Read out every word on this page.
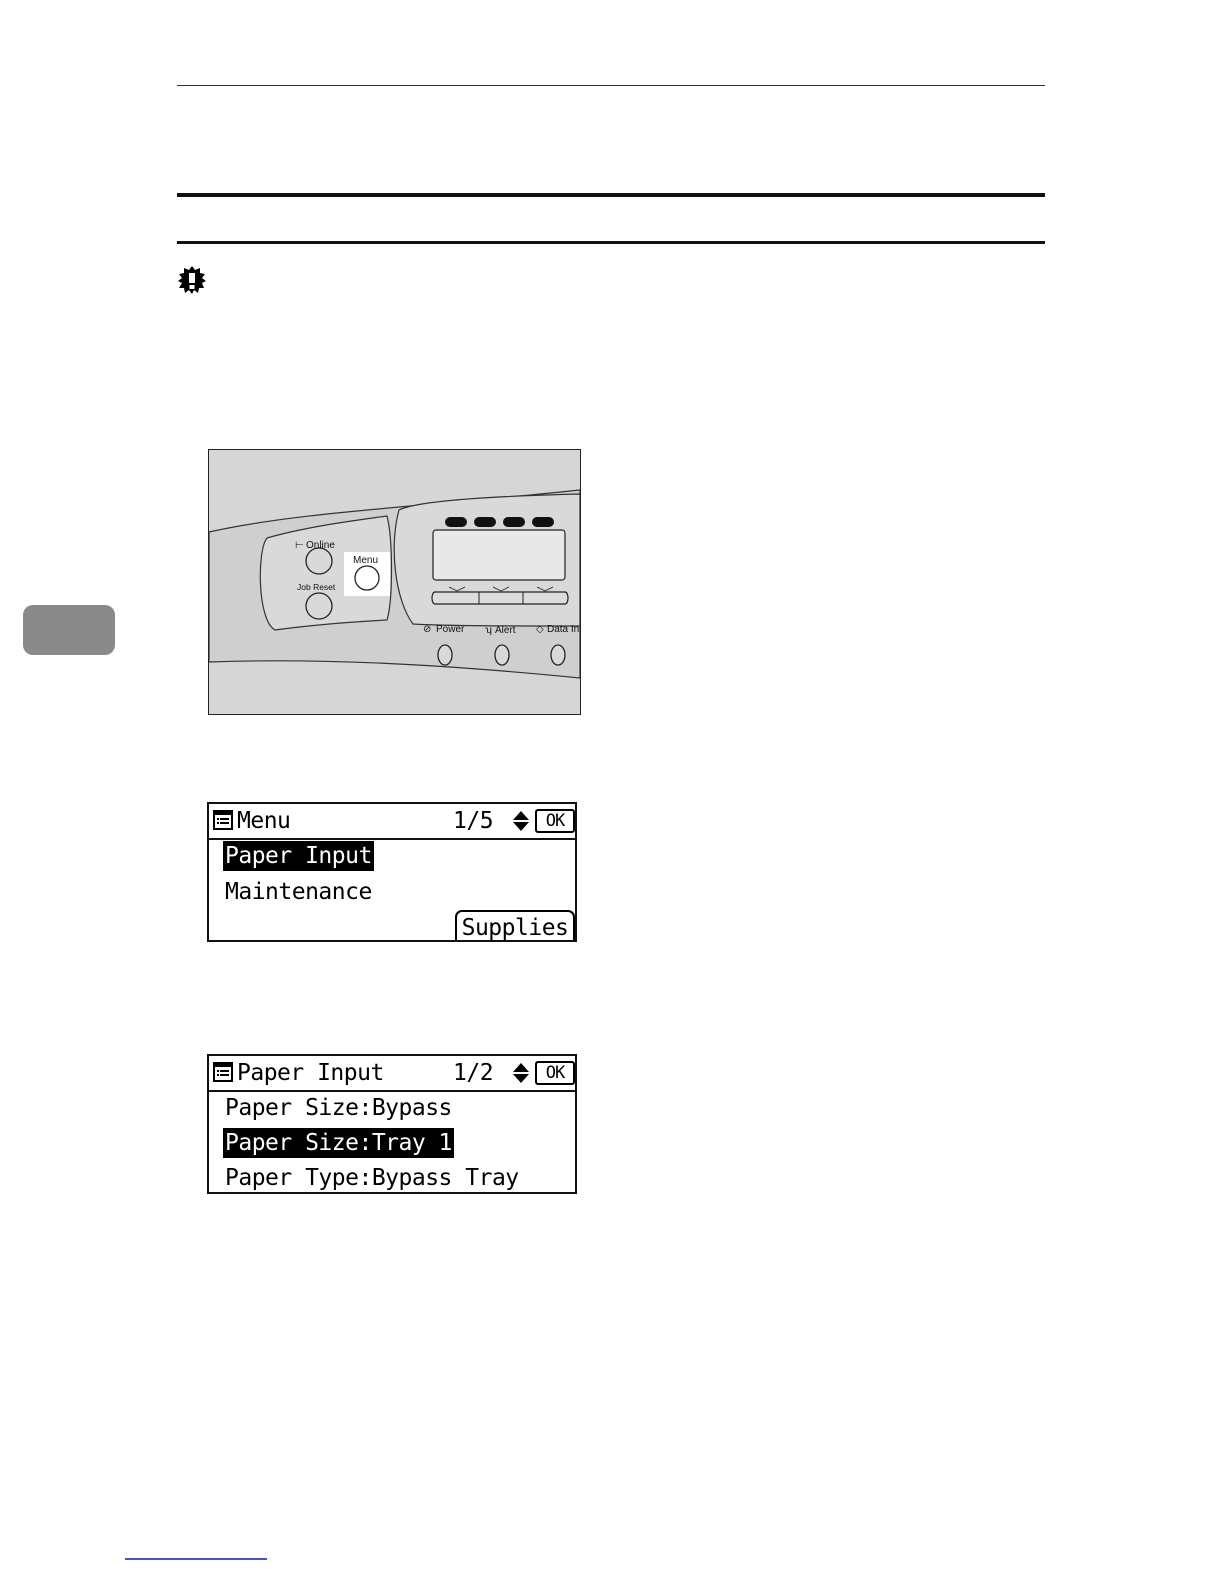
⊢ Online
Job Reset
Menu
⊘ Power ʮ Alert ◇ Data In
Menu	1/5	OK
Paper Input
Maintenance
Supplies
Paper Input	1/2	OK
Paper Size:Bypass
Paper Size:Tray 1
Paper Type:Bypass Tray
